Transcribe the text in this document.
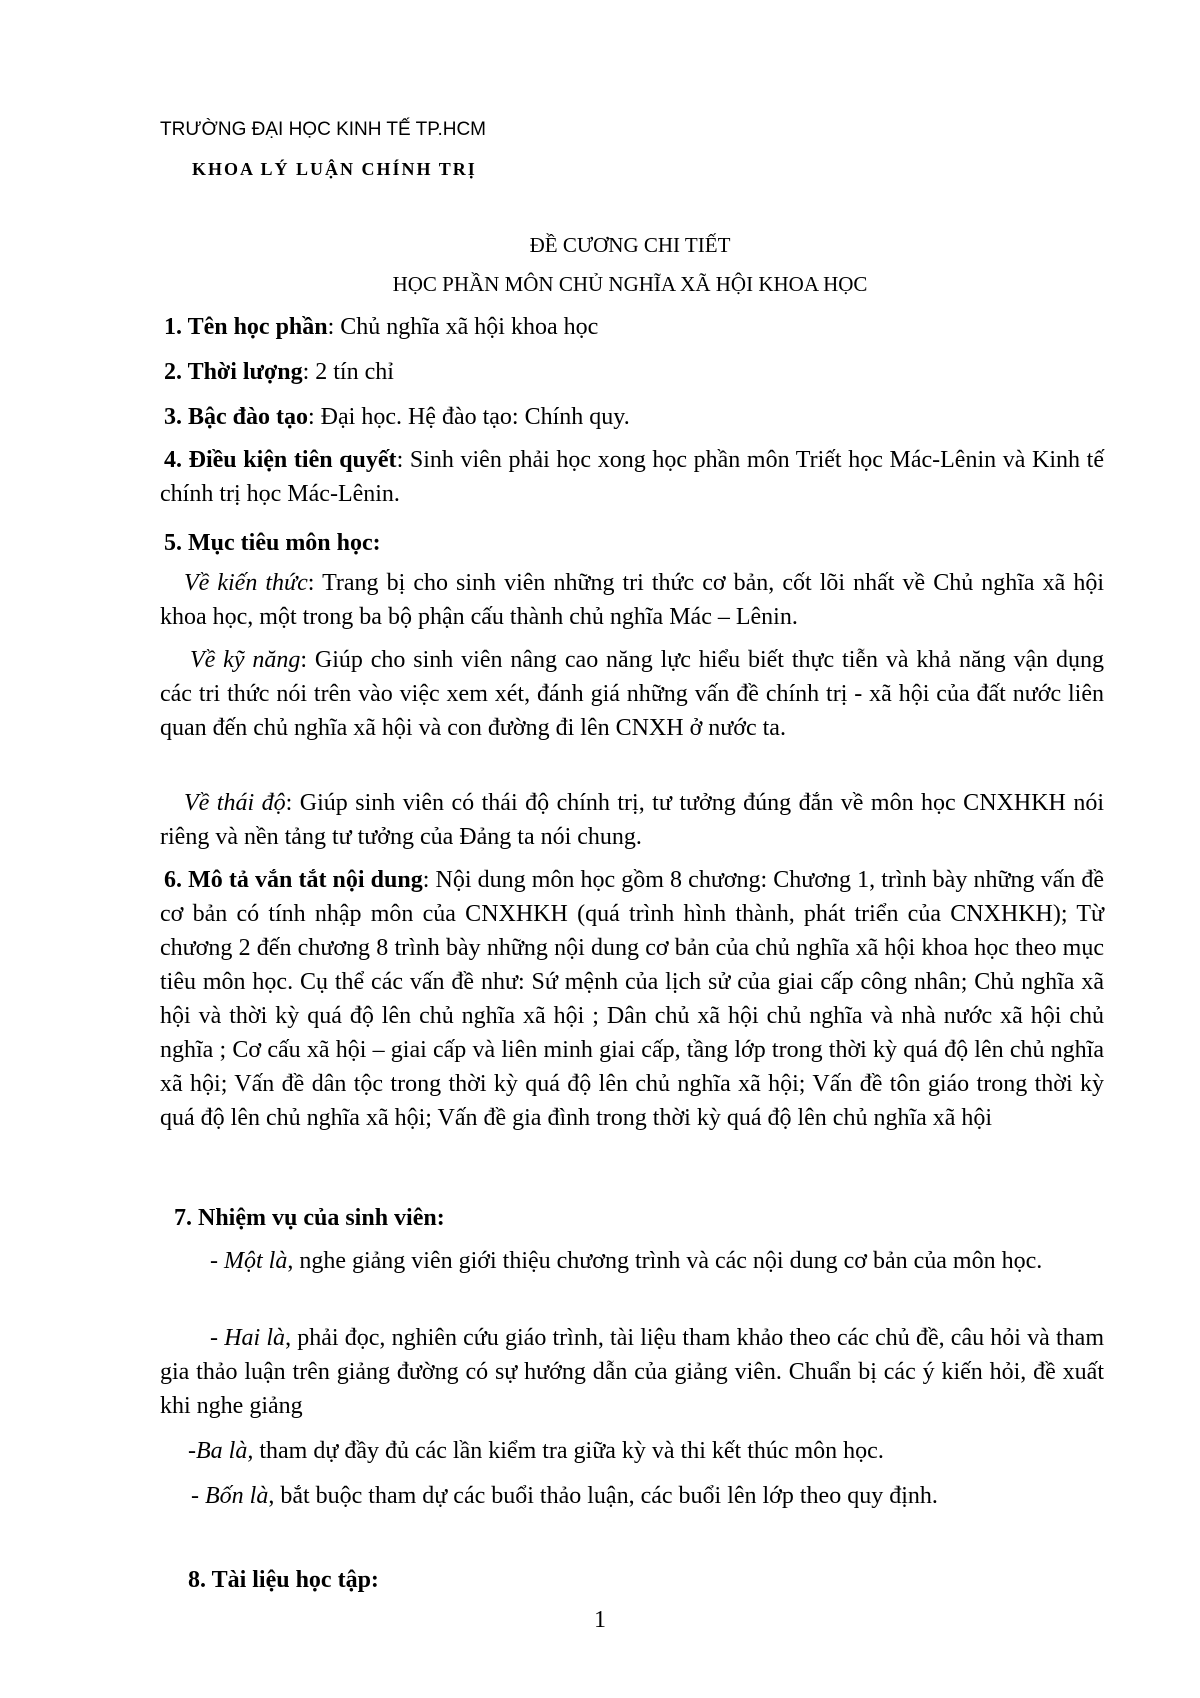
TRƯỜNG ĐẠI HỌC KINH TẾ TP.HCM
KHOA LÝ LUẬN CHÍNH TRỊ
ĐỀ CƯƠNG CHI TIẾT
HỌC PHẦN MÔN CHỦ NGHĨA XÃ HỘI KHOA HỌC
1. Tên học phần: Chủ nghĩa xã hội khoa học
2. Thời lượng: 2 tín chỉ
3. Bậc đào tạo: Đại học. Hệ đào tạo: Chính quy.
4. Điều kiện tiên quyết: Sinh viên phải học xong học phần môn Triết học Mác-Lênin và Kinh tế chính trị học Mác-Lênin.
5. Mục tiêu môn học:
Về kiến thức: Trang bị cho sinh viên những tri thức cơ bản, cốt lõi nhất về Chủ nghĩa xã hội khoa học, một trong ba bộ phận cấu thành chủ nghĩa Mác – Lênin.
Về kỹ năng: Giúp cho sinh viên nâng cao năng lực hiểu biết thực tiễn và khả năng vận dụng các tri thức nói trên vào việc xem xét, đánh giá những vấn đề chính trị - xã hội của đất nước liên quan đến chủ nghĩa xã hội và con đường đi lên CNXH ở nước ta.
Về thái độ: Giúp sinh viên có thái độ chính trị, tư tưởng đúng đắn về môn học CNXHKH nói riêng và nền tảng tư tưởng của Đảng ta nói chung.
6. Mô tả vắn tắt nội dung: Nội dung môn học gồm 8 chương: Chương 1, trình bày những vấn đề cơ bản có tính nhập môn của CNXHKH (quá trình hình thành, phát triển của CNXHKH); Từ chương 2 đến chương 8 trình bày những nội dung cơ bản của chủ nghĩa xã hội khoa học theo mục tiêu môn học. Cụ thể các vấn đề như: Sứ mệnh của lịch sử của giai cấp công nhân; Chủ nghĩa xã hội và thời kỳ quá độ lên chủ nghĩa xã hội ; Dân chủ xã hội chủ nghĩa và nhà nước xã hội chủ nghĩa ; Cơ cấu xã hội – giai cấp và liên minh giai cấp, tầng lớp trong thời kỳ quá độ lên chủ nghĩa xã hội; Vấn đề dân tộc trong thời kỳ quá độ lên chủ nghĩa xã hội; Vấn đề tôn giáo trong thời kỳ quá độ lên chủ nghĩa xã hội; Vấn đề gia đình trong thời kỳ quá độ lên chủ nghĩa xã hội
7. Nhiệm vụ của sinh viên:
- Một là, nghe giảng viên giới thiệu chương trình và các nội dung cơ bản của môn học.
- Hai là, phải đọc, nghiên cứu giáo trình, tài liệu tham khảo theo các chủ đề, câu hỏi và tham gia thảo luận trên giảng đường có sự hướng dẫn của giảng viên. Chuẩn bị các ý kiến hỏi, đề xuất khi nghe giảng
-Ba là, tham dự đầy đủ các lần kiểm tra giữa kỳ và thi kết thúc môn học.
- Bốn là, bắt buộc tham dự các buổi thảo luận, các buổi lên lớp theo quy định.
8. Tài liệu học tập:
1
